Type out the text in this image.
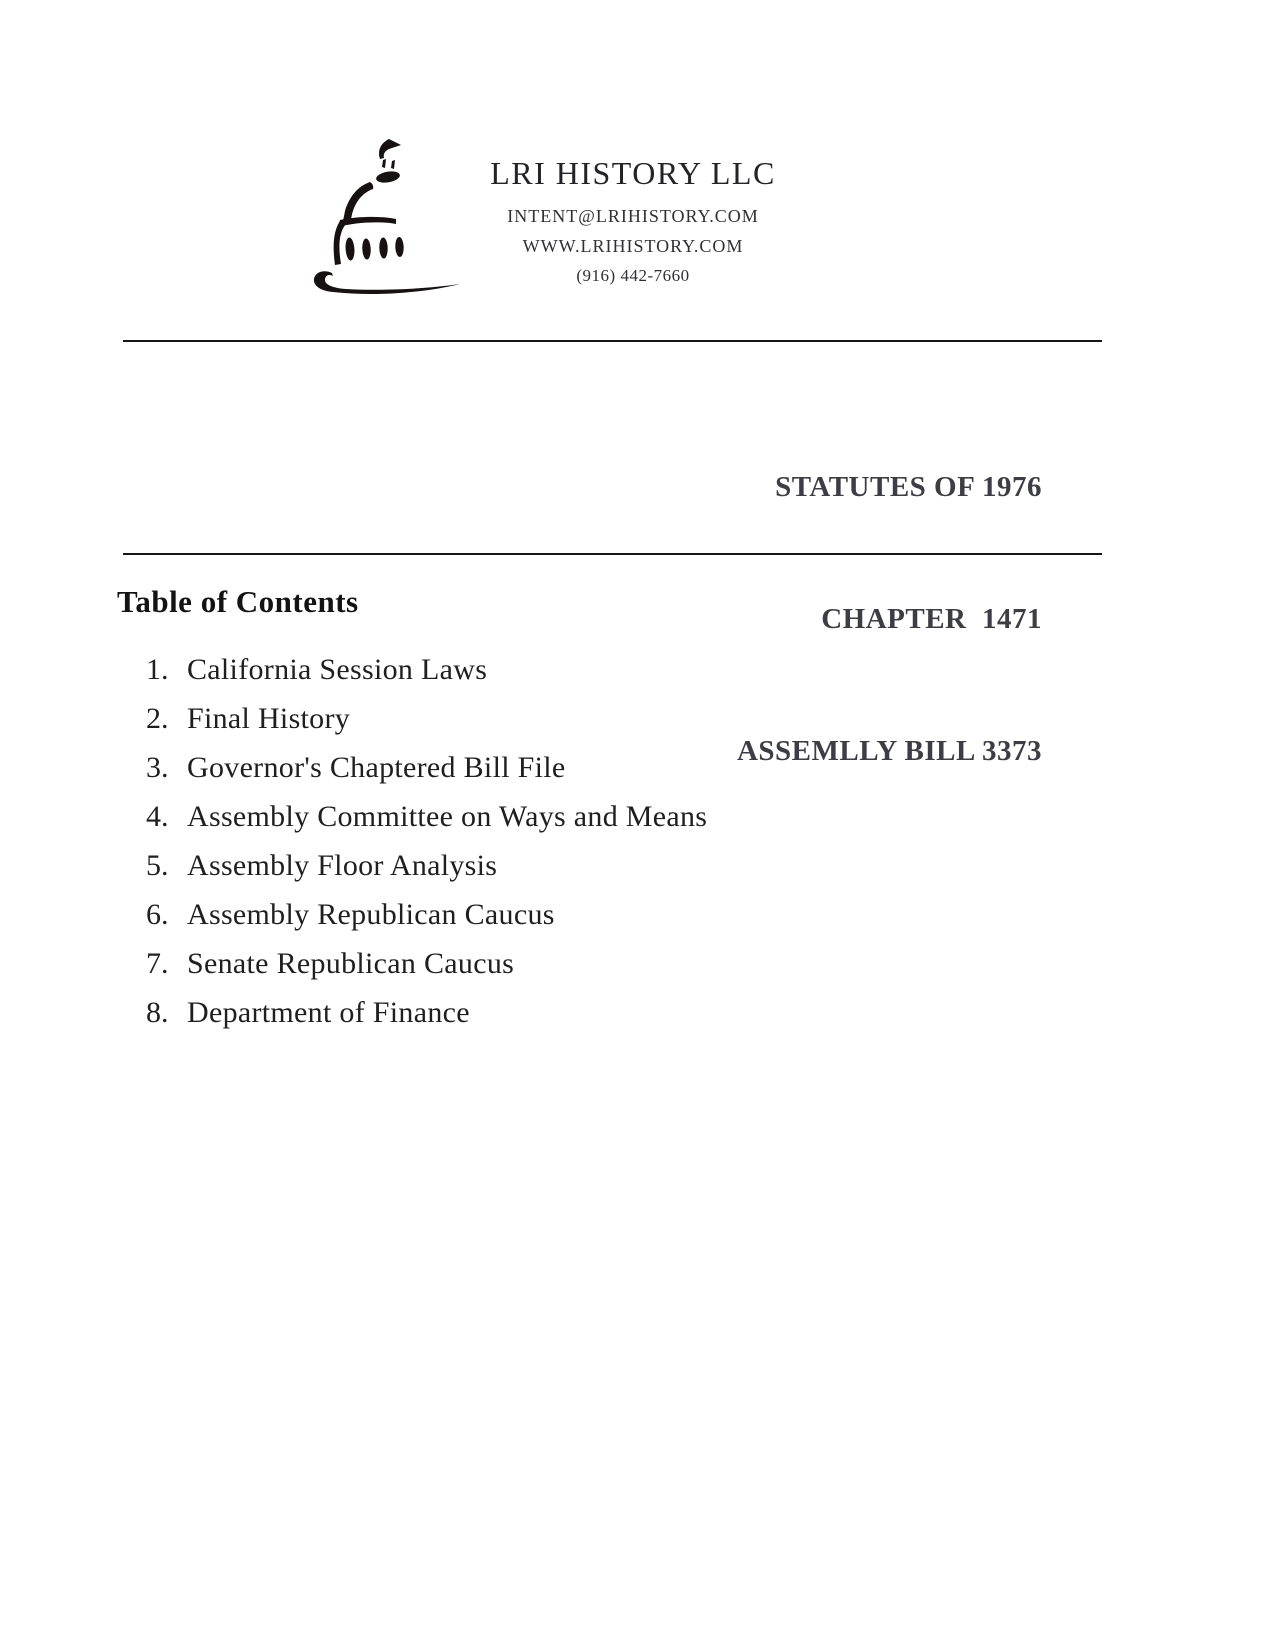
LRI HISTORY LLC
INTENT@LRIHISTORY.COM
WWW.LRIHISTORY.COM
(916) 442-7660

STATUTES OF 1976

CHAPTER  1471

ASSEMLLY BILL 3373

Table of Contents
1. California Session Laws
2. Final History
3. Governor's Chaptered Bill File
4. Assembly Committee on Ways and Means
5. Assembly Floor Analysis
6. Assembly Republican Caucus
7. Senate Republican Caucus
8. Department of Finance
